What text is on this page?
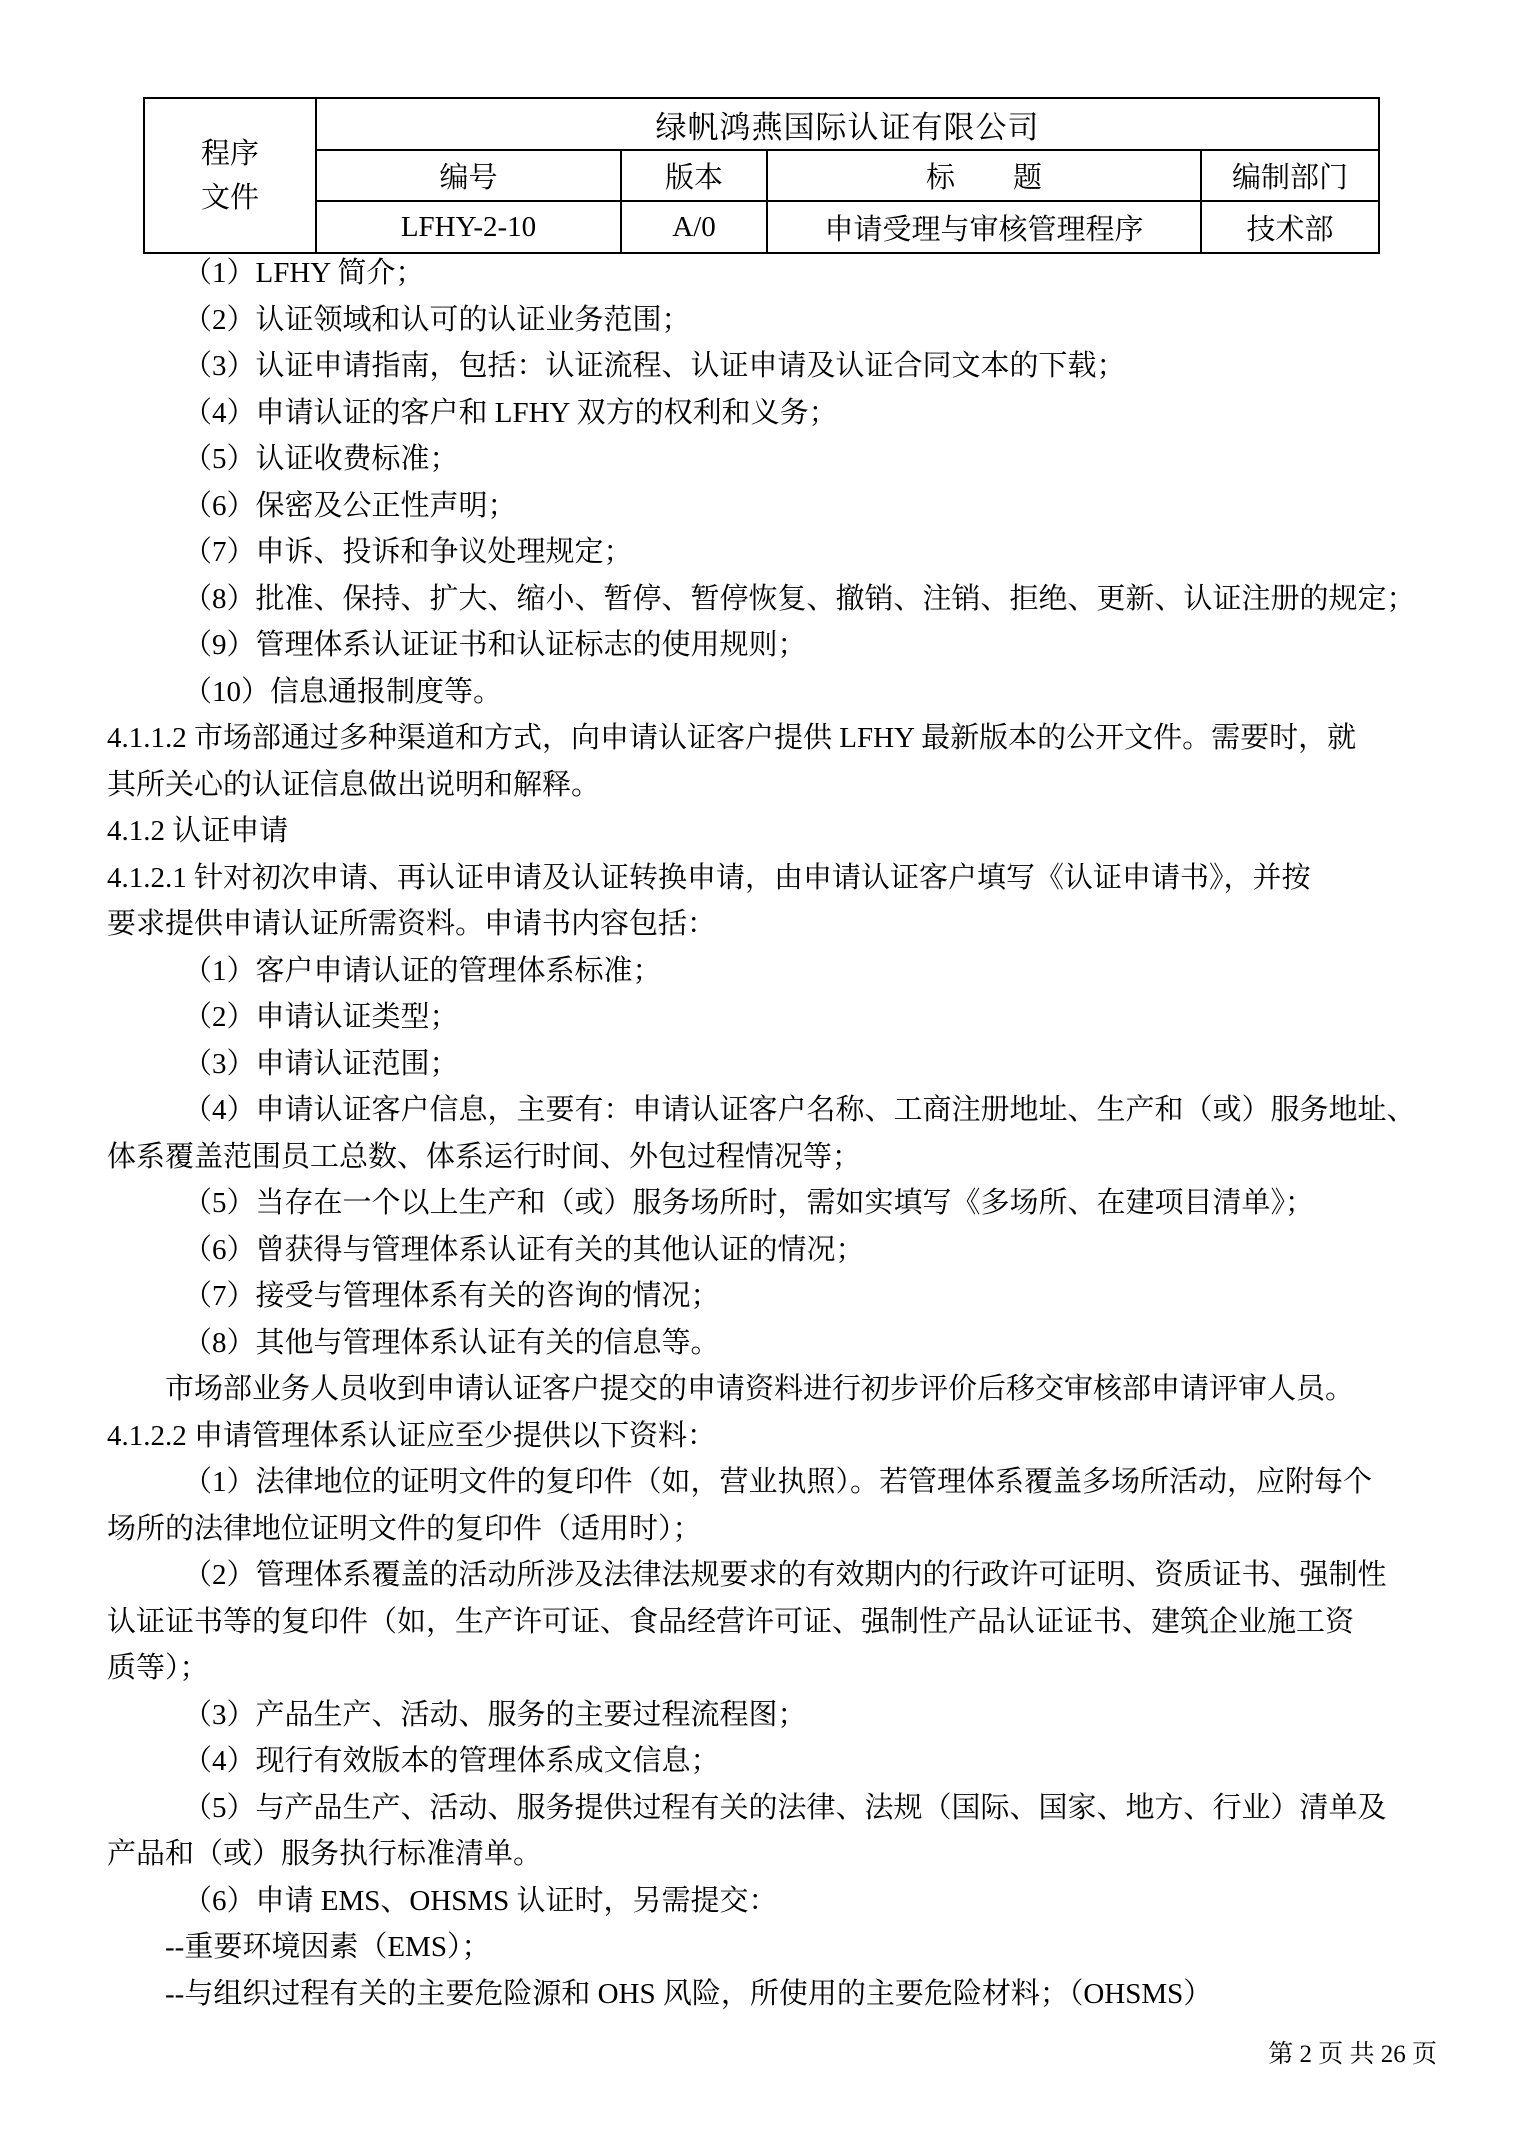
程序
文件	绿帆鸿燕国际认证有限公司			
	编号	版本	标　　题	编制部门
	LFHY-2-10	A/0	申请受理与审核管理程序	技术部
（1）LFHY 简介；
（2）认证领域和认可的认证业务范围；
（3）认证申请指南，包括：认证流程、认证申请及认证合同文本的下载；
（4）申请认证的客户和 LFHY 双方的权利和义务；
（5）认证收费标准；
（6）保密及公正性声明；
（7）申诉、投诉和争议处理规定；
（8）批准、保持、扩大、缩小、暂停、暂停恢复、撤销、注销、拒绝、更新、认证注册的规定；
（9）管理体系认证证书和认证标志的使用规则；
（10）信息通报制度等。
4.1.1.2 市场部通过多种渠道和方式，向申请认证客户提供 LFHY 最新版本的公开文件。需要时，就
其所关心的认证信息做出说明和解释。
4.1.2 认证申请
4.1.2.1 针对初次申请、再认证申请及认证转换申请，由申请认证客户填写《认证申请书》，并按
要求提供申请认证所需资料。申请书内容包括：
（1）客户申请认证的管理体系标准；
（2）申请认证类型；
（3）申请认证范围；
（4）申请认证客户信息，主要有：申请认证客户名称、工商注册地址、生产和（或）服务地址、
体系覆盖范围员工总数、体系运行时间、外包过程情况等；
（5）当存在一个以上生产和（或）服务场所时，需如实填写《多场所、在建项目清单》；
（6）曾获得与管理体系认证有关的其他认证的情况；
（7）接受与管理体系有关的咨询的情况；
（8）其他与管理体系认证有关的信息等。
市场部业务人员收到申请认证客户提交的申请资料进行初步评价后移交审核部申请评审人员。
4.1.2.2 申请管理体系认证应至少提供以下资料：
（1）法律地位的证明文件的复印件（如，营业执照）。若管理体系覆盖多场所活动，应附每个
场所的法律地位证明文件的复印件（适用时）；
（2）管理体系覆盖的活动所涉及法律法规要求的有效期内的行政许可证明、资质证书、强制性
认证证书等的复印件（如，生产许可证、食品经营许可证、强制性产品认证证书、建筑企业施工资
质等）；
（3）产品生产、活动、服务的主要过程流程图；
（4）现行有效版本的管理体系成文信息；
（5）与产品生产、活动、服务提供过程有关的法律、法规（国际、国家、地方、行业）清单及
产品和（或）服务执行标准清单。
（6）申请 EMS、OHSMS 认证时，另需提交：
--重要环境因素（EMS）；
--与组织过程有关的主要危险源和 OHS 风险，所使用的主要危险材料；（OHSMS）
第 2 页 共 26 页
